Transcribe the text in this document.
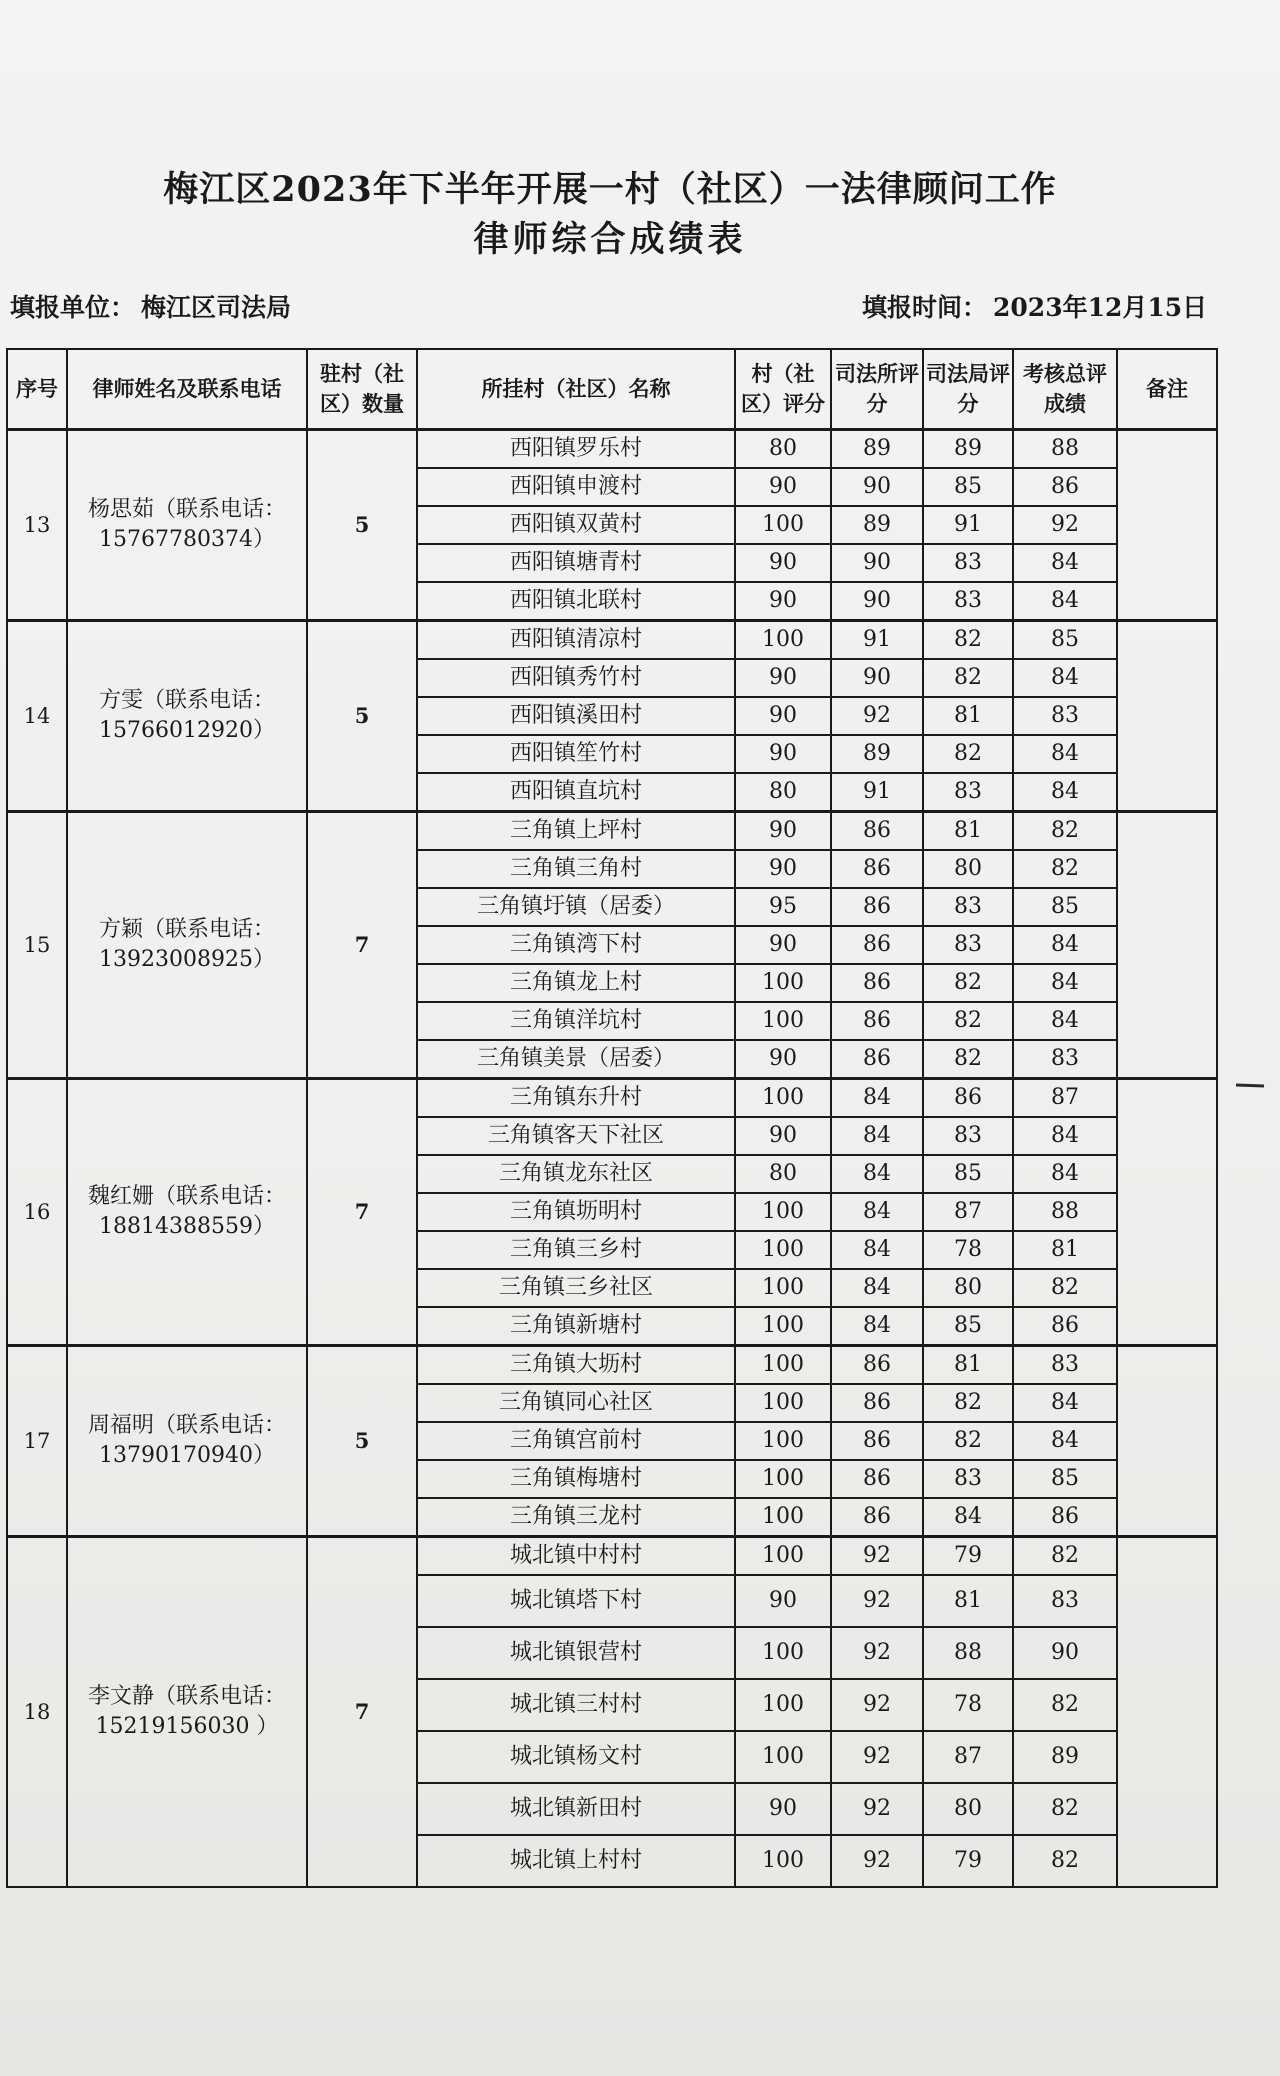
梅江区2023年下半年开展一村（社区）一法律顾问工作
律师综合成绩表
填报单位： 梅江区司法局	填报时间： 2023年12月15日
序号	律师姓名及联系电话	驻村（社区）数量	所挂村（社区）名称	村（社区）评分	司法所评分	司法局评分	考核总评成绩	备注
13	杨思茹（联系电话：15767780374）	5	西阳镇罗乐村	80	89	89	88	
			西阳镇申渡村	90	90	85	86	
			西阳镇双黄村	100	89	91	92	
			西阳镇塘青村	90	90	83	84	
			西阳镇北联村	90	90	83	84	
14	方雯（联系电话：15766012920）	5	西阳镇清凉村	100	91	82	85	
			西阳镇秀竹村	90	90	82	84	
			西阳镇溪田村	90	92	81	83	
			西阳镇笙竹村	90	89	82	84	
			西阳镇直坑村	80	91	83	84	
15	方颖（联系电话：13923008925）	7	三角镇上坪村	90	86	81	82	
			三角镇三角村	90	86	80	82	
			三角镇圩镇（居委）	95	86	83	85	
			三角镇湾下村	90	86	83	84	
			三角镇龙上村	100	86	82	84	
			三角镇洋坑村	100	86	82	84	
			三角镇美景（居委）	90	86	82	83	
16	魏红姗（联系电话：18814388559）	7	三角镇东升村	100	84	86	87	
			三角镇客天下社区	90	84	83	84	
			三角镇龙东社区	80	84	85	84	
			三角镇坜明村	100	84	87	88	
			三角镇三乡村	100	84	78	81	
			三角镇三乡社区	100	84	80	82	
			三角镇新塘村	100	84	85	86	
17	周福明（联系电话：13790170940）	5	三角镇大坜村	100	86	81	83	
			三角镇同心社区	100	86	82	84	
			三角镇宫前村	100	86	82	84	
			三角镇梅塘村	100	86	83	85	
			三角镇三龙村	100	86	84	86	
18	李文静（联系电话：15219156030 ）	7	城北镇中村村	100	92	79	82	
			城北镇塔下村	90	92	81	83	
			城北镇银营村	100	92	88	90	
			城北镇三村村	100	92	78	82	
			城北镇杨文村	100	92	87	89	
			城北镇新田村	90	92	80	82	
			城北镇上村村	100	92	79	82	
